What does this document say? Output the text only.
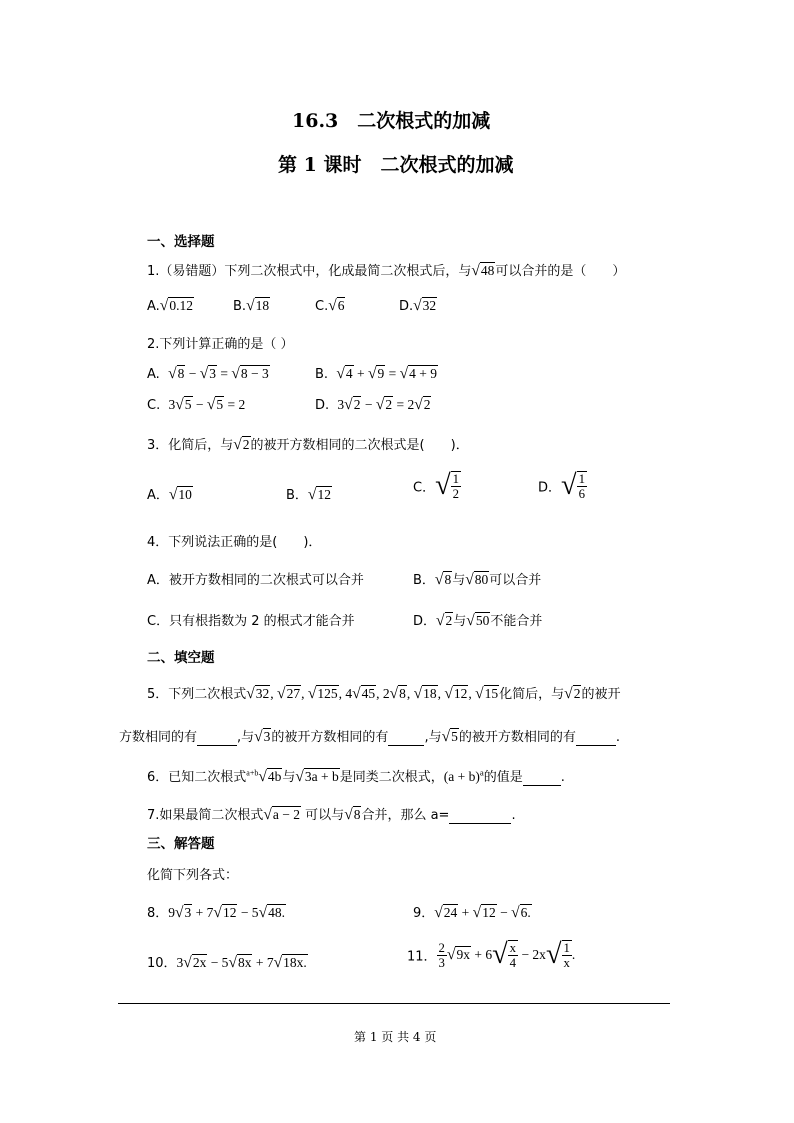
16.3　二次根式的加减
第 1 课时　二次根式的加减
一、选择题
1.（易错题）下列二次根式中，化成最简二次根式后，与√48可以合并的是（　　）
A.√0.12	B.√18	C.√6	D.√32
2.下列计算正确的是（ ）
A. √8 − √3 = √8 − 3	B. √4 + √9 = √4 + 9
C. 3√5 − √5 = 2	D. 3√2 − √2 = 2√2
3．化简后，与√2的被开方数相同的二次根式是(　　)．
A．√10	B．√12	C．√ $\frac{1}{2}$	D．√ $\frac{1}{6}$
4．下列说法正确的是(　　)．
A．被开方数相同的二次根式可以合并	B．√8与√80可以合并
C．只有根指数为 2 的根式才能合并	D．√2与√50不能合并
二、填空题
5．下列二次根式√32, √27, √125, 4√45, 2√8, √18, √12, √15化简后，与√2的被开
方数相同的有	,与√3的被开方数相同的有	,与√5的被开方数相同的有	.
6．已知二次根式$^{a+b}$√4b与√3a + b是同类二次根式，$(a + b)^a$的值是	.
7.如果最简二次根式√a − 2 可以与√8合并，那么 a=	.
三、解答题
化简下列各式：
8．9√3 + 7√12 − 5√48.	9．√24 + √12 − √6.
10．3√2x − 5√8x + 7√18x.	11． $\frac{2}{3} √9x + 6√ \frac{x}{4} - 2x√ \frac{1}{x}$ .
第 1 页 共 4 页
